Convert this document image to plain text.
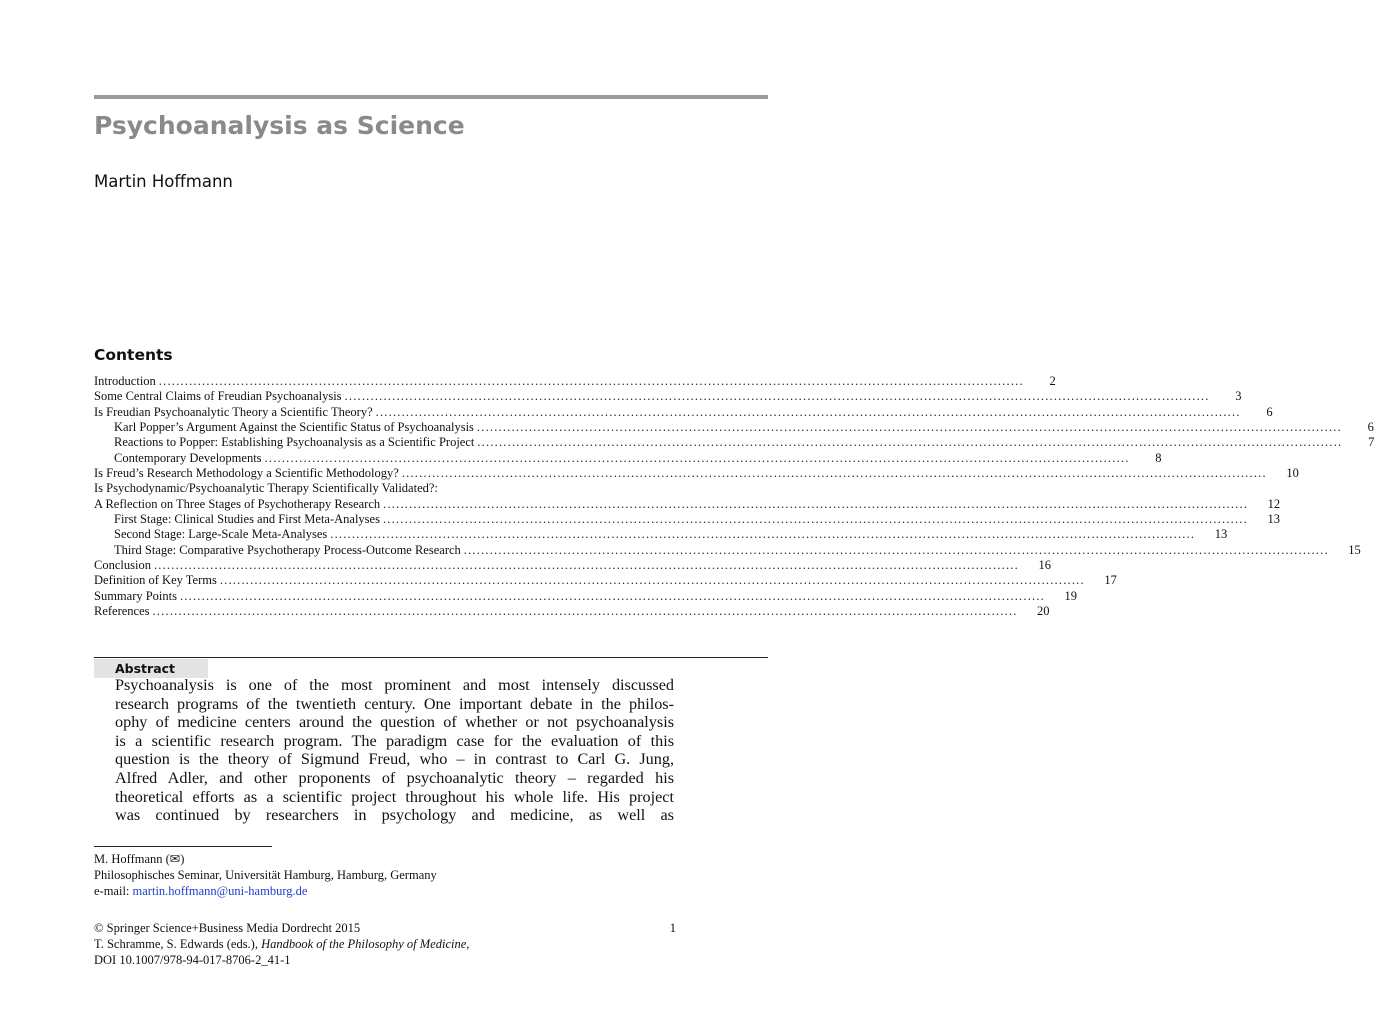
Psychoanalysis as Science
Martin Hoffmann
Contents
Introduction ........................................................................................................................................................................................................	2
Some Central Claims of Freudian Psychoanalysis ........................................................................................................................................................................................................	3
Is Freudian Psychoanalytic Theory a Scientific Theory? ........................................................................................................................................................................................................	6
Karl Popper’s Argument Against the Scientific Status of Psychoanalysis ........................................................................................................................................................................................................	6
Reactions to Popper: Establishing Psychoanalysis as a Scientific Project ........................................................................................................................................................................................................	7
Contemporary Developments ........................................................................................................................................................................................................	8
Is Freud’s Research Methodology a Scientific Methodology? ........................................................................................................................................................................................................	10
Is Psychodynamic/Psychoanalytic Therapy Scientifically Validated?:
A Reflection on Three Stages of Psychotherapy Research ........................................................................................................................................................................................................	12
First Stage: Clinical Studies and First Meta-Analyses ........................................................................................................................................................................................................	13
Second Stage: Large-Scale Meta-Analyses ........................................................................................................................................................................................................	13
Third Stage: Comparative Psychotherapy Process-Outcome Research ........................................................................................................................................................................................................	15
Conclusion ........................................................................................................................................................................................................	16
Definition of Key Terms ........................................................................................................................................................................................................	17
Summary Points ........................................................................................................................................................................................................	19
References ........................................................................................................................................................................................................	20
Abstract
Psychoanalysis is one of the most prominent and most intensely discussed
research programs of the twentieth century. One important debate in the philos-
ophy of medicine centers around the question of whether or not psychoanalysis
is a scientific research program. The paradigm case for the evaluation of this
question is the theory of Sigmund Freud, who – in contrast to Carl G. Jung,
Alfred Adler, and other proponents of psychoanalytic theory – regarded his
theoretical efforts as a scientific project throughout his whole life. His project
was continued by researchers in psychology and medicine, as well as
M. Hoffmann (✉)
Philosophisches Seminar, Universität Hamburg, Hamburg, Germany
e-mail: martin.hoffmann@uni-hamburg.de
© Springer Science+Business Media Dordrecht 2015	1
T. Schramme, S. Edwards (eds.), Handbook of the Philosophy of Medicine,
DOI 10.1007/978-94-017-8706-2_41-1
